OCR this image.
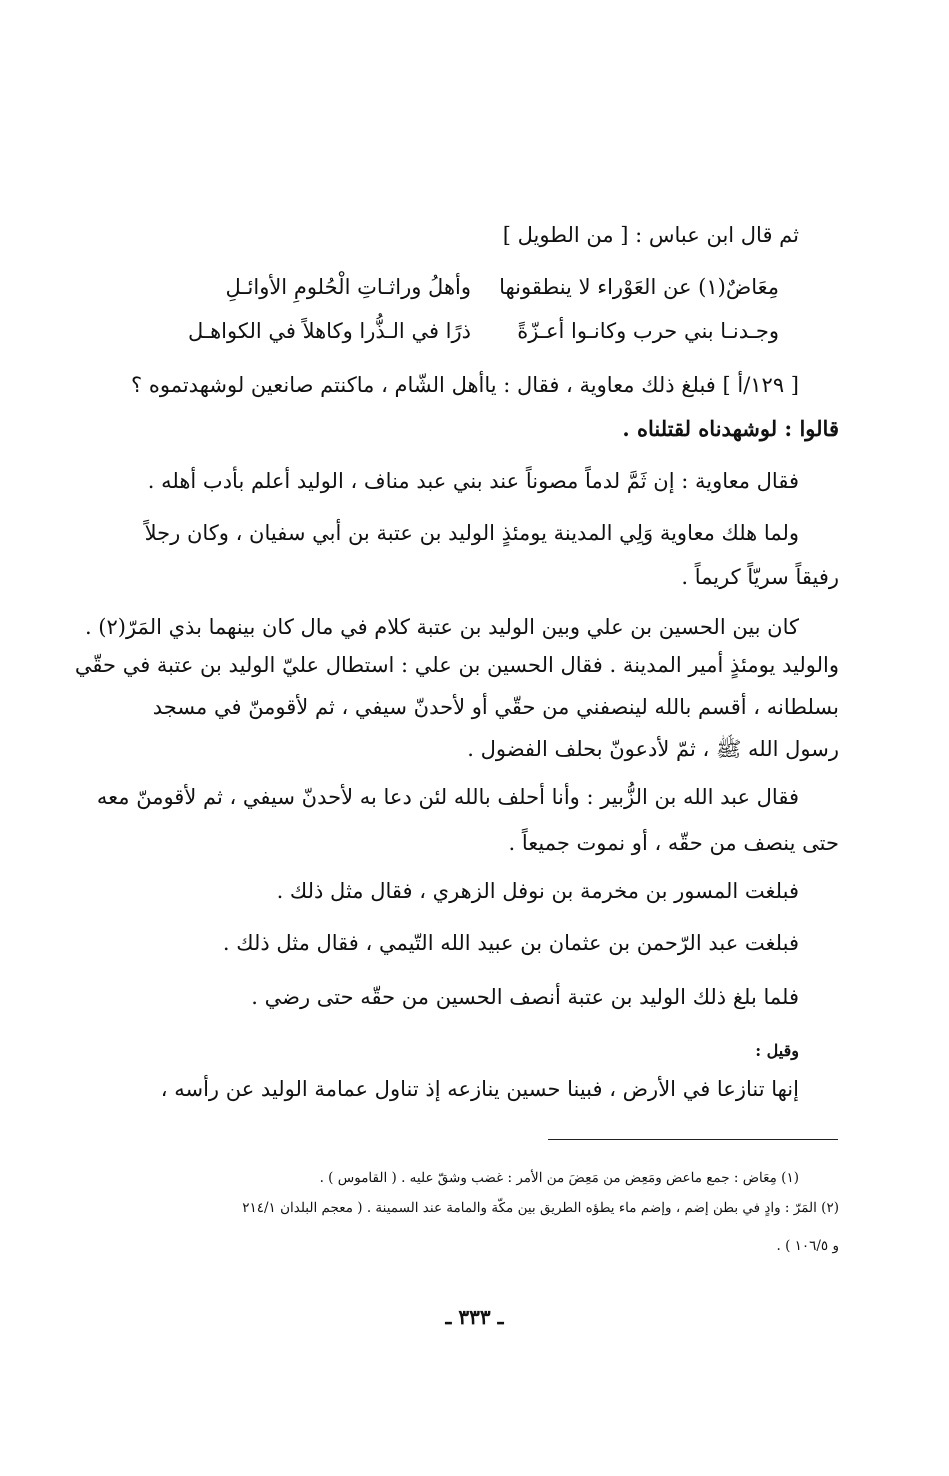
ثم قال ابن عباس : [ من الطويل ]
مِعَاضٌ(١) عن العَوْراء لا ينطقونها
وأهلُ وراثـاتِ الْحُلومِ الأوائـلِ
وجـدنـا بني حرب وكانـوا أعـزّةً
ذرًا في الـذُّرا وكاهلاً في الكواهـل
[ ١٢٩/أ ] فبلغ ذلك معاوية ، فقال : ياأهل الشّام ، ماكنتم صانعين لوشهدتموه ؟
قالوا : لوشهدناه لقتلناه .
فقال معاوية : إن ثَمَّ لدماً مصوناً عند بني عبد مناف ، الوليد أعلم بأدب أهله .
ولما هلك معاوية وَلِي المدينة يومئذٍ الوليد بن عتبة بن أبي سفيان ، وكان رجلاً
رفيقاً سريّاً كريماً .
كان بين الحسين بن علي وبين الوليد بن عتبة كلام في مال كان بينهما بذي المَرّ(٢) .
والوليد يومئذٍ أمير المدينة . فقال الحسين بن علي : استطال عليّ الوليد بن عتبة في حقّي
بسلطانه ، أقسم بالله لينصفني من حقّي أو لأحدنّ سيفي ، ثم لأقومنّ في مسجد
رسول الله ﷺ ، ثمّ لأدعونّ بحلف الفضول .
فقال عبد الله بن الزُّبير : وأنا أحلف بالله لئن دعا به لأحدنّ سيفي ، ثم لأقومنّ معه
حتى ينصف من حقّه ، أو نموت جميعاً .
فبلغت المسور بن مخرمة بن نوفل الزهري ، فقال مثل ذلك .
فبلغت عبد الرّحمن بن عثمان بن عبيد الله التّيمي ، فقال مثل ذلك .
فلما بلغ ذلك الوليد بن عتبة أنصف الحسين من حقّه حتى رضي .
وقيل :
إنها تنازعا في الأرض ، فبينا حسين ينازعه إذ تناول عمامة الوليد عن رأسه ،
(١) مِعَاض : جمع ماعض ومَعِض من مَعِضَ من الأمر : غضب وشقّ عليه . ( القاموس ) .
(٢) المَرّ : وادٍ في بطن إضم ، وإضم ماء يطؤه الطريق بين مكّة والمامة عند السمينة . ( معجم البلدان ٢١٤/١
و ١٠٦/٥ ) .
ـ ٣٣٣ ـ
